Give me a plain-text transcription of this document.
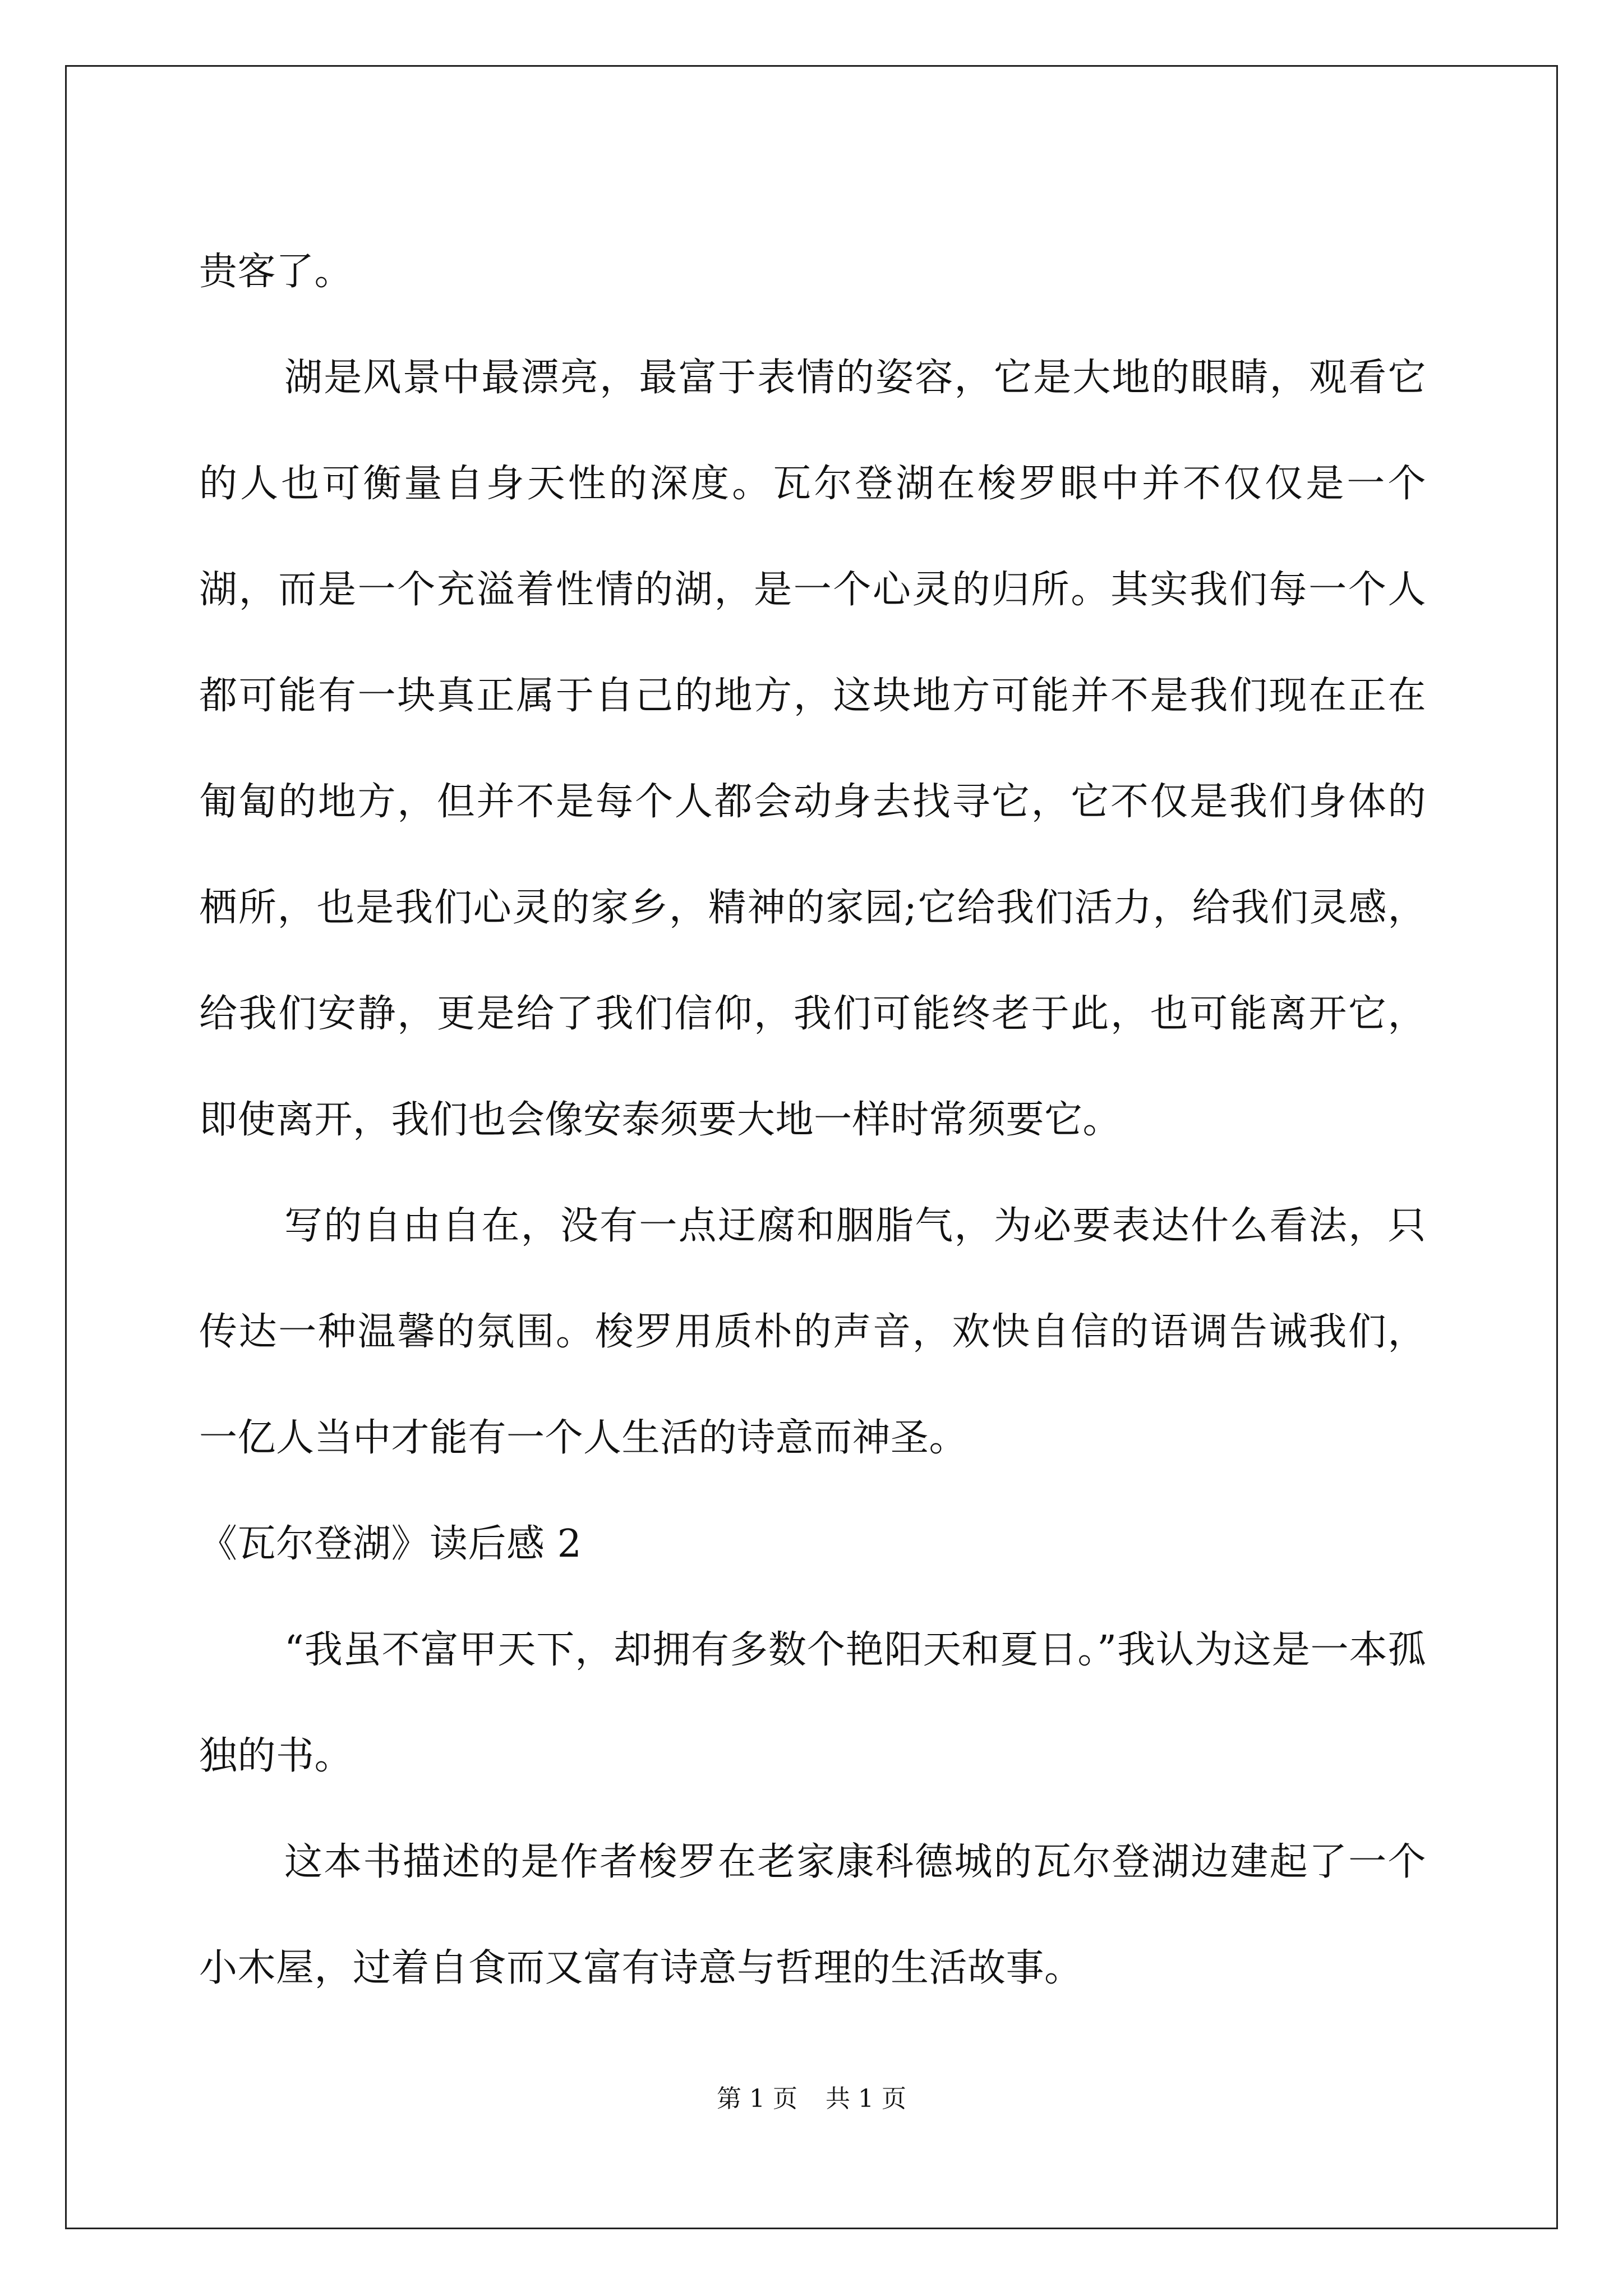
贵客了。

湖是风景中最漂亮，最富于表情的姿容，它是大地的眼睛，观看它的人也可衡量自身天性的深度。瓦尔登湖在梭罗眼中并不仅仅是一个湖，而是一个充溢着性情的湖，是一个心灵的归所。其实我们每一个人都可能有一块真正属于自己的地方，这块地方可能并不是我们现在正在匍匐的地方，但并不是每个人都会动身去找寻它，它不仅是我们身体的栖所，也是我们心灵的家乡，精神的家园;它给我们活力，给我们灵感，给我们安静，更是给了我们信仰，我们可能终老于此，也可能离开它，即使离开，我们也会像安泰须要大地一样时常须要它。

写的自由自在，没有一点迂腐和胭脂气，为必要表达什么看法，只传达一种温馨的氛围。梭罗用质朴的声音，欢快自信的语调告诫我们，一亿人当中才能有一个人生活的诗意而神圣。

《瓦尔登湖》读后感 2

“我虽不富甲天下，却拥有多数个艳阳天和夏日。”我认为这是一本孤独的书。

这本书描述的是作者梭罗在老家康科德城的瓦尔登湖边建起了一个小木屋，过着自食而又富有诗意与哲理的生活故事。

第 1 页 共 1 页
